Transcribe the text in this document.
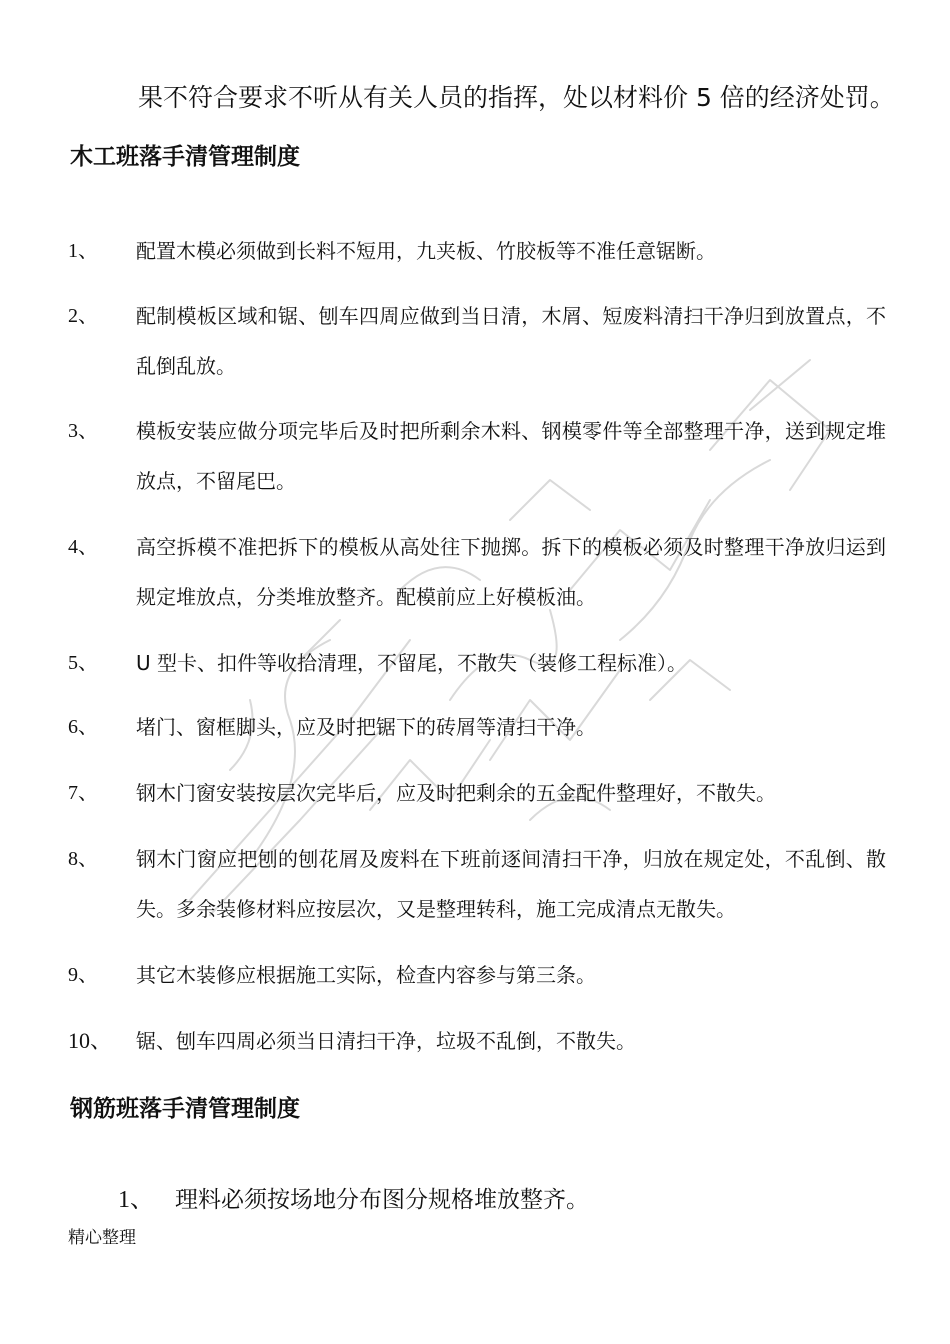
果不符合要求不听从有关人员的指挥，处以材料价 5 倍的经济处罚。
木工班落手清管理制度
1、 配置木模必须做到长料不短用，九夹板、竹胶板等不准任意锯断。
2、 配制模板区域和锯、刨车四周应做到当日清，木屑、短废料清扫干净归到放置点，不乱倒乱放。
3、 模板安装应做分项完毕后及时把所剩余木料、钢模零件等全部整理干净，送到规定堆放点，不留尾巴。
4、 高空拆模不准把拆下的模板从高处往下抛掷。拆下的模板必须及时整理干净放归运到规定堆放点，分类堆放整齐。配模前应上好模板油。
5、 U 型卡、扣件等收拾清理，不留尾，不散失（装修工程标准）。
6、 堵门、窗框脚头，应及时把锯下的砖屑等清扫干净。
7、 钢木门窗安装按层次完毕后，应及时把剩余的五金配件整理好，不散失。
8、 钢木门窗应把刨的刨花屑及废料在下班前逐间清扫干净，归放在规定处，不乱倒、散失。多余装修材料应按层次，又是整理转科，施工完成清点无散失。
9、 其它木装修应根据施工实际，检查内容参与第三条。
10、 锯、刨车四周必须当日清扫干净，垃圾不乱倒，不散失。
钢筋班落手清管理制度
1、 理料必须按场地分布图分规格堆放整齐。
精心整理
